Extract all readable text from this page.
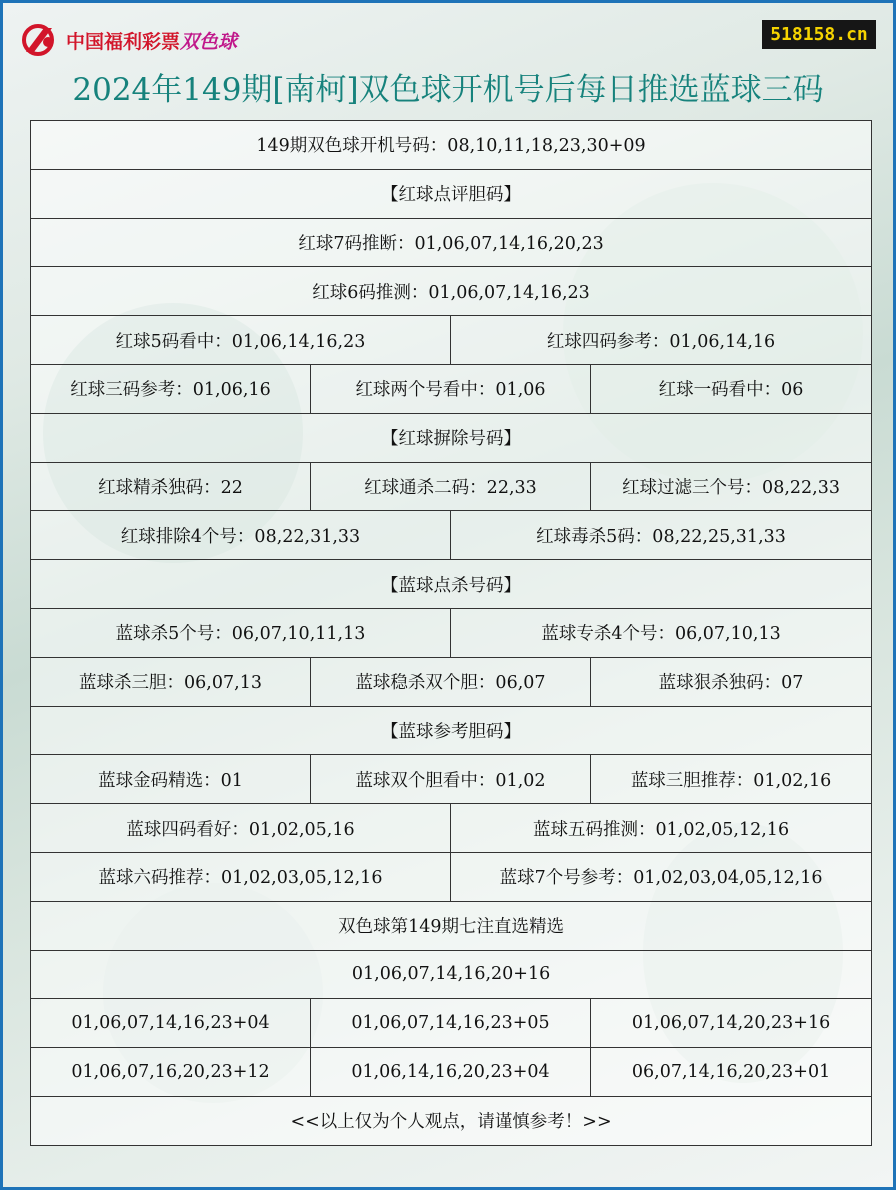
中国福利彩票双色球	518158.cn
2024年149期[南柯]双色球开机号后每日推选蓝球三码
149期双色球开机号码：08,10,11,18,23,30+09			
【红球点评胆码】			
红球7码推断：01,06,07,14,16,20,23			
红球6码推测：01,06,07,14,16,23			
红球5码看中：01,06,14,16,23		红球四码参考：01,06,14,16	
红球三码参考：01,06,16	红球两个号看中：01,06		红球一码看中：06
【红球摒除号码】			
红球精杀独码：22	红球通杀二码：22,33		红球过滤三个号：08,22,33
红球排除4个号：08,22,31,33		红球毒杀5码：08,22,25,31,33	
【蓝球点杀号码】			
蓝球杀5个号：06,07,10,11,13		蓝球专杀4个号：06,07,10,13	
蓝球杀三胆：06,07,13	蓝球稳杀双个胆：06,07		蓝球狠杀独码：07
【蓝球参考胆码】			
蓝球金码精选：01	蓝球双个胆看中：01,02		蓝球三胆推荐：01,02,16
蓝球四码看好：01,02,05,16		蓝球五码推测：01,02,05,12,16	
蓝球六码推荐：01,02,03,05,12,16		蓝球7个号参考：01,02,03,04,05,12,16	
双色球第149期七注直选精选			
01,06,07,14,16,20+16			
01,06,07,14,16,23+04	01,06,07,14,16,23+05		01,06,07,14,20,23+16
01,06,07,16,20,23+12	01,06,14,16,20,23+04		06,07,14,16,20,23+01
<<以上仅为个人观点，请谨慎参考！>>			
